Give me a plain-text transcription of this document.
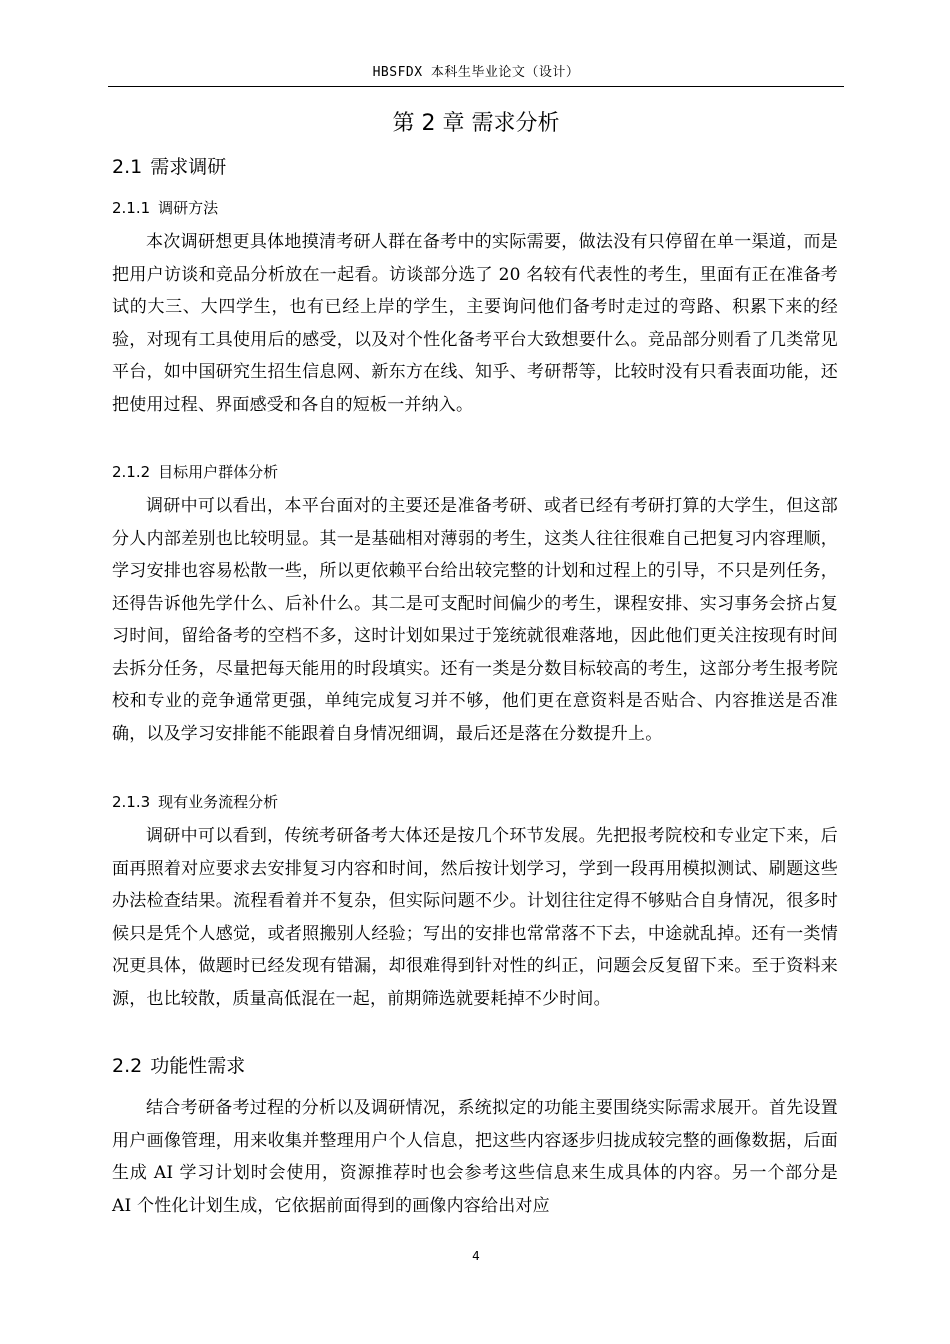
HBSFDX 本科生毕业论文（设计）
第 2 章 需求分析
2.1 需求调研
2.1.1 调研方法

本次调研想更具体地摸清考研人群在备考中的实际需要，做法没有只停留在单一渠道，而是把用户访谈和竞品分析放在一起看。访谈部分选了 20 名较有代表性的考生，里面有正在准备考试的大三、大四学生，也有已经上岸的学生，主要询问他们备考时走过的弯路、积累下来的经验，对现有工具使用后的感受，以及对个性化备考平台大致想要什么。竞品部分则看了几类常见平台，如中国研究生招生信息网、新东方在线、知乎、考研帮等，比较时没有只看表面功能，还把使用过程、界面感受和各自的短板一并纳入。

2.1.2 目标用户群体分析

调研中可以看出，本平台面对的主要还是准备考研、或者已经有考研打算的大学生，但这部分人内部差别也比较明显。其一是基础相对薄弱的考生，这类人往往很难自己把复习内容理顺，学习安排也容易松散一些，所以更依赖平台给出较完整的计划和过程上的引导，不只是列任务，还得告诉他先学什么、后补什么。其二是可支配时间偏少的考生，课程安排、实习事务会挤占复习时间，留给备考的空档不多，这时计划如果过于笼统就很难落地，因此他们更关注按现有时间去拆分任务，尽量把每天能用的时段填实。还有一类是分数目标较高的考生，这部分考生报考院校和专业的竞争通常更强，单纯完成复习并不够，他们更在意资料是否贴合、内容推送是否准确，以及学习安排能不能跟着自身情况细调，最后还是落在分数提升上。

2.1.3 现有业务流程分析

调研中可以看到，传统考研备考大体还是按几个环节发展。先把报考院校和专业定下来，后面再照着对应要求去安排复习内容和时间，然后按计划学习，学到一段再用模拟测试、刷题这些办法检查结果。流程看着并不复杂，但实际问题不少。计划往往定得不够贴合自身情况，很多时候只是凭个人感觉，或者照搬别人经验；写出的安排也常常落不下去，中途就乱掉。还有一类情况更具体，做题时已经发现有错漏，却很难得到针对性的纠正，问题会反复留下来。至于资料来源，也比较散，质量高低混在一起，前期筛选就要耗掉不少时间。

2.2 功能性需求

结合考研备考过程的分析以及调研情况，系统拟定的功能主要围绕实际需求展开。首先设置用户画像管理，用来收集并整理用户个人信息，把这些内容逐步归拢成较完整的画像数据，后面生成 AI 学习计划时会使用，资源推荐时也会参考这些信息来生成具体的内容。另一个部分是 AI 个性化计划生成，它依据前面得到的画像内容给出对应

4
